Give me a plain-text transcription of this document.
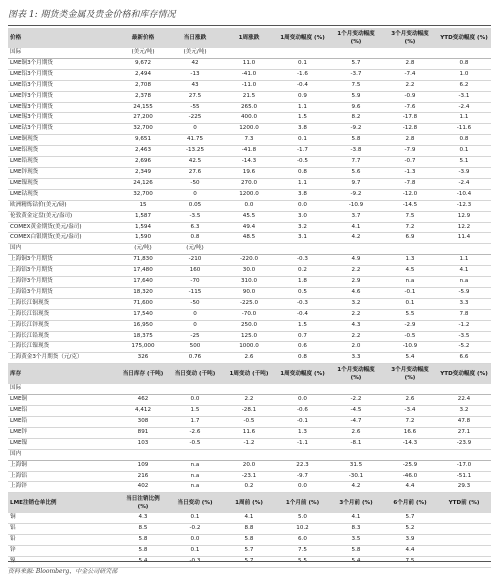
图表 1: 期货类金属及贵金价格和库存情况
价格	最新价格	当日涨跌	1周涨跌	1周变动幅度 (%)	1个月变动幅度 (%)	3个月变动幅度 (%)	YTD变动幅度 (%)
国际	(美元/吨)	(美元/吨)					
LME铜3个月期货	9,672	42	11.0	0.1	5.7	2.8	0.8
LME铝3个月期货	2,494	-13	-41.0	-1.6	-3.7	-7.4	1.0
LME铅3个月期货	2,708	43	-11.0	-0.4	7.5	2.2	6.2
LME锌3个月期货	2,378	27.5	21.5	0.9	5.9	-0.9	-3.1
LME镍3个月期货	24,155	-55	265.0	1.1	9.6	-7.6	-2.4
LME锡3个月期货	27,200	-225	400.0	1.5	8.2	-17.8	1.1
LME钴3个月期货	32,700	0	1200.0	3.8	-9.2	-12.8	-11.6
LME铜现货	9,651	41.75	7.3	0.1	5.8	2.8	0.8
LME铝现货	2,463	-13.25	-41.8	-1.7	-3.8	-7.9	0.1
LME铅现货	2,696	42.5	-14.3	-0.5	7.7	-0.7	5.1
LME锌现货	2,349	27.6	19.6	0.8	5.6	-1.3	-3.9
LME镍现货	24,126	-50	270.0	1.1	9.7	-7.8	-2.4
LME钴现货	32,700	0	1200.0	3.8	-9.2	-12.0	-10.4
欧洲精炼钴价(美元/磅)	15	0.05	0.0	0.0	-10.9	-14.5	-12.3
伦敦黄金定盘(美元/盎司)	1,587	-3.5	45.5	3.0	3.7	7.5	12.9
COMEX黄金期货(美元/盎司)	1,594	6.3	49.4	3.2	4.1	7.2	12.2
COMEX白银期货(美元/盎司)	1,590	0.8	48.5	3.1	4.2	6.9	11.4
国内	(元/吨)	(元/吨)					
上海铜3个月期货	71,830	-210	-220.0	-0.3	4.9	1.3	1.1
上海铝3个月期货	17,480	160	30.0	0.2	2.2	4.5	4.1
上海锌3个月期货	17,640	-70	310.0	1.8	2.9	n.a	n.a
上海铅3个月期货	18,320	-115	90.0	0.5	4.6	-0.1	-5.9
上海长江铜现货	71,600	-50	-225.0	-0.3	3.2	0.1	3.3
上海长江铝现货	17,540	0	-70.0	-0.4	2.2	5.5	7.8
上海长江锌现货	16,950	0	250.0	1.5	4.3	-2.9	-1.2
上海长江铅现货	18,375	-25	125.0	0.7	2.2	-0.5	-3.5
上海长江镍现货	175,000	500	1000.0	0.6	2.0	-10.9	-5.2
上海黄金3个月期货（元/克）	326	0.76	2.6	0.8	3.3	5.4	6.6
库存	当日库存 (千吨)	当日变动 (千吨)	1周变动 (千吨)	1周变动幅度 (%)	1个月变动幅度 (%)	3个月变动幅度 (%)	YTD变动幅度 (%)
国际							
LME铜	462	0.0	2.2	0.0	-2.2	2.6	22.4
LME铝	4,412	1.5	-28.1	-0.6	-4.5	-3.4	3.2
LME铅	308	1.7	-0.5	-0.1	-4.7	7.2	47.8
LME锌	891	-2.6	11.6	1.3	2.6	16.6	27.1
LME镍	103	-0.5	-1.2	-1.1	-8.1	-14.3	-23.9
国内							
上海铜	109	n.a	20.0	22.3	31.5	-25.9	-17.0
上海铝	216	n.a	-23.1	-9.7	-30.1	-46.0	-51.1
上海锌	402	n.a	0.2	0.0	4.2	4.4	29.3
LME注销仓单比例	当日注销比例 (%)	当日变动 (%)	1周前 (%)	1个月前 (%)	3个月前 (%)	6个月前 (%)	YTD前 (%)
铜	4.3	0.1	4.1	5.0	4.1	5.7	
铝	8.5	-0.2	8.8	10.2	8.3	5.2	
铅	5.8	0.0	5.8	6.0	3.5	3.9	
锌	5.8	0.1	5.7	7.5	5.8	4.4	
镍	5.4	-0.3	5.7	5.5	5.4	7.5	
资料来源: Bloomberg、中金公司研究部
